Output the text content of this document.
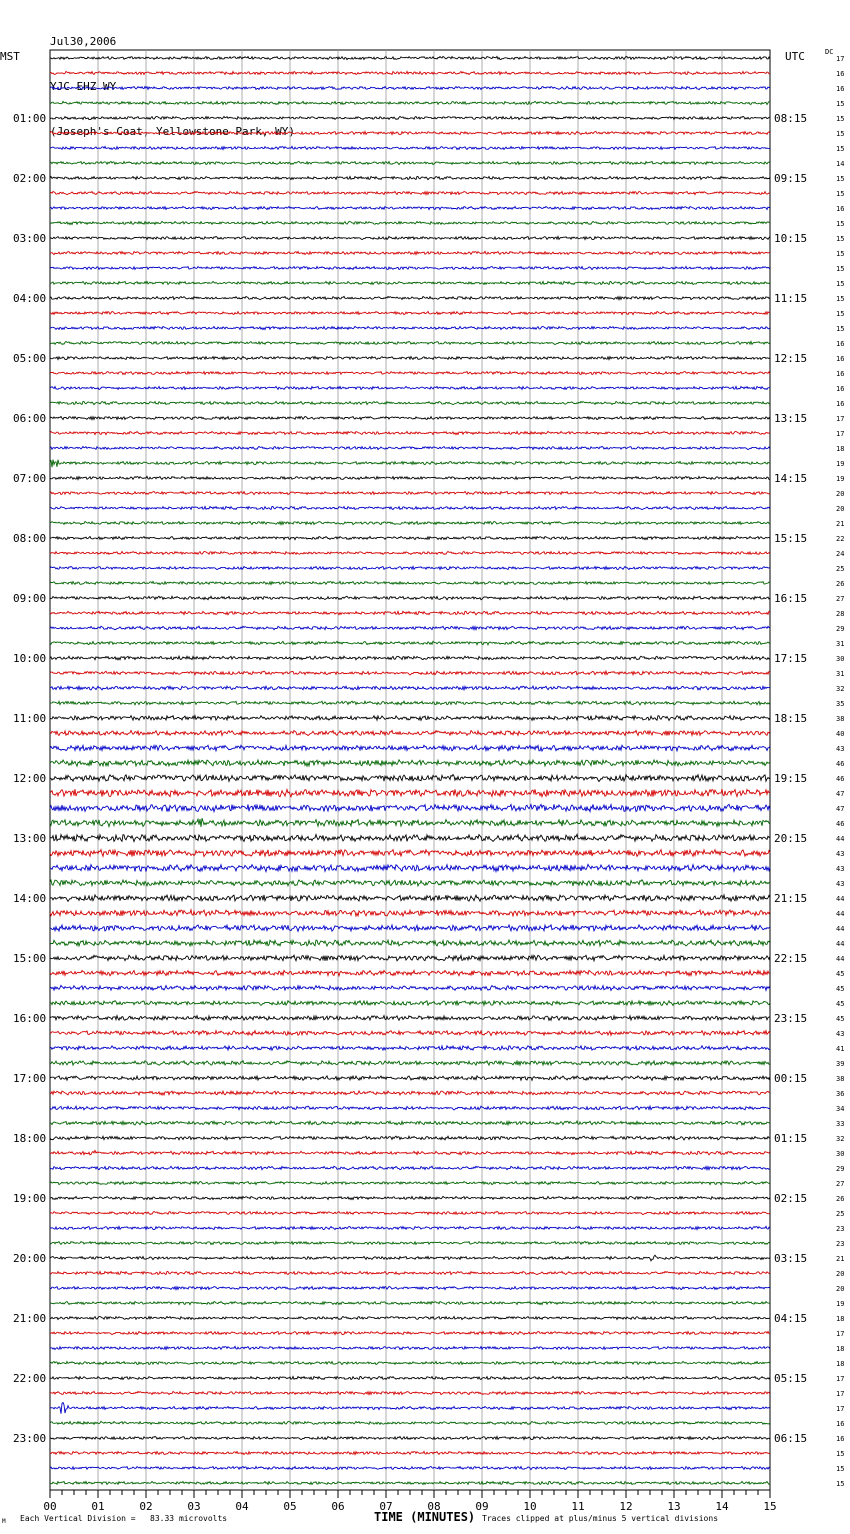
Jul30,2006

YJC EHZ WY

(Joseph's Coat, Yellowstone Park, WY)

MST	UTC	DC
17
16
16
15
15
15
15
14
15
15
16
15
15
15
15
15
15
15
15
16
16
16
16
16
17
17
18
19
19
20
20
21
22
24
25
26
27
28
29
31
30
31
32
35
38
40
43
46
46
47
47
46
44
43
43
43
44
44
44
44
44
45
45
45
45
43
41
39
38
36
34
33
32
30
29
27
26
25
23
23
21
20
20
19
18
17
18
18
17
17
17
16
16
15
15
15
01:00	08:15
02:00	09:15
03:00	10:15
04:00	11:15
05:00	12:15
06:00	13:15
07:00	14:15
08:00	15:15
09:00	16:15
10:00	17:15
11:00	18:15
12:00	19:15
13:00	20:15
14:00	21:15
15:00	22:15
16:00	23:15
17:00	00:15
18:00	01:15
19:00	02:15
20:00	03:15
21:00	04:15
22:00	05:15
23:00	06:15
00	01	02	03	04	05	06	07	08	09	10	11	12	13	14	15
M Each Vertical Division =   83.33 microvolts	TIME (MINUTES) Traces clipped at plus/minus 5 vertical divisions
